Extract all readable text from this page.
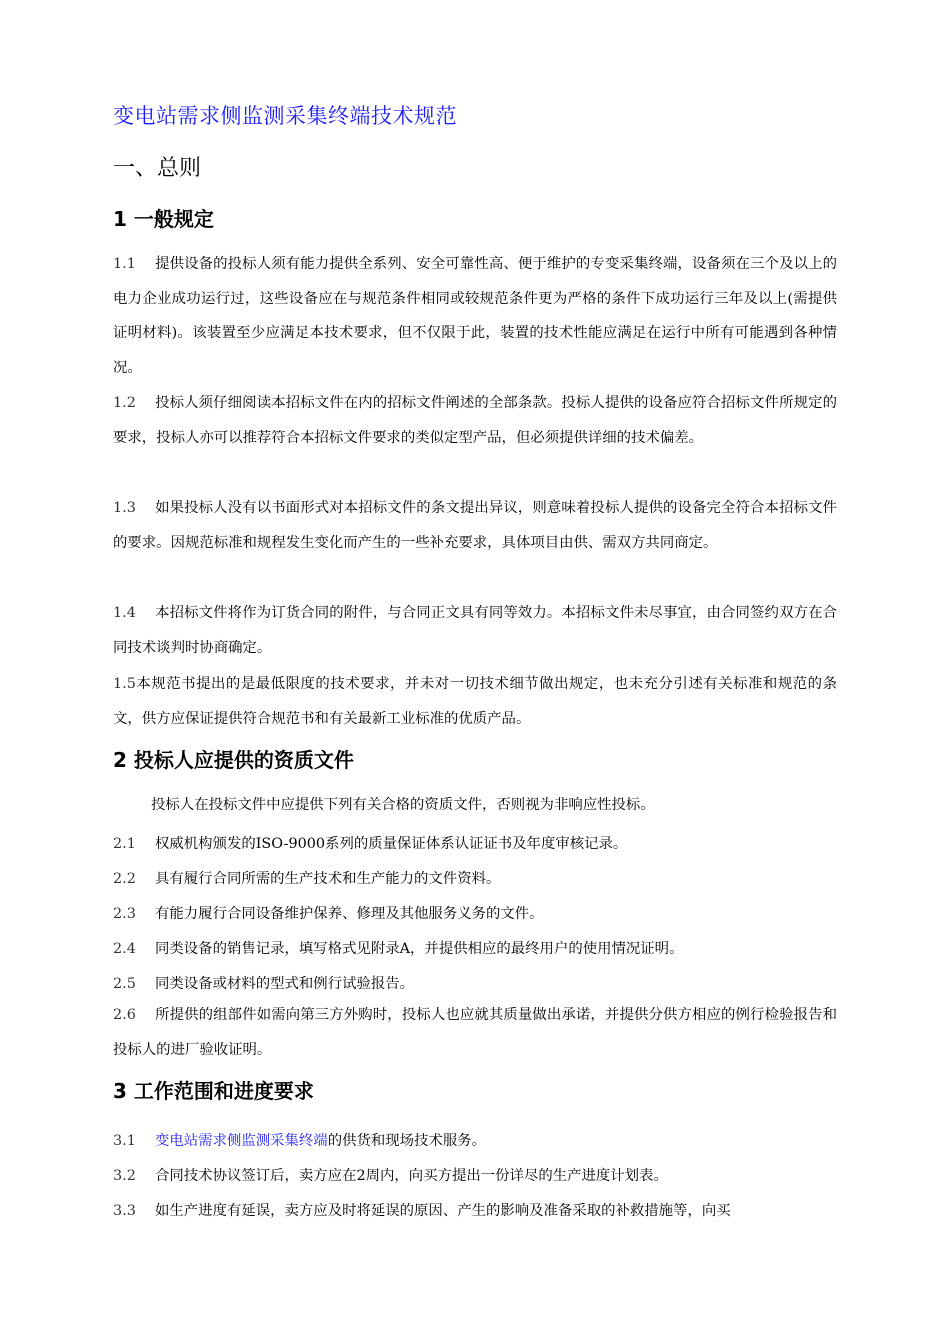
变电站需求侧监测采集终端技术规范
一、总则
1 一般规定
1.1 提供设备的投标人须有能力提供全系列、安全可靠性高、便于维护的专变采集终端，设备须在三个及以上的电力企业成功运行过，这些设备应在与规范条件相同或较规范条件更为严格的条件下成功运行三年及以上(需提供证明材料)。该装置至少应满足本技术要求，但不仅限于此，装置的技术性能应满足在运行中所有可能遇到各种情况。
1.2 投标人须仔细阅读本招标文件在内的招标文件阐述的全部条款。投标人提供的设备应符合招标文件所规定的要求，投标人亦可以推荐符合本招标文件要求的类似定型产品，但必须提供详细的技术偏差。
1.3 如果投标人没有以书面形式对本招标文件的条文提出异议，则意味着投标人提供的设备完全符合本招标文件的要求。因规范标准和规程发生变化而产生的一些补充要求，具体项目由供、需双方共同商定。
1.4 本招标文件将作为订货合同的附件，与合同正文具有同等效力。本招标文件未尽事宜，由合同签约双方在合同技术谈判时协商确定。
1.5本规范书提出的是最低限度的技术要求，并未对一切技术细节做出规定，也未充分引述有关标准和规范的条文，供方应保证提供符合规范书和有关最新工业标准的优质产品。
2 投标人应提供的资质文件
投标人在投标文件中应提供下列有关合格的资质文件，否则视为非响应性投标。
2.1 权威机构颁发的ISO-9000系列的质量保证体系认证证书及年度审核记录。
2.2 具有履行合同所需的生产技术和生产能力的文件资料。
2.3 有能力履行合同设备维护保养、修理及其他服务义务的文件。
2.4 同类设备的销售记录，填写格式见附录A，并提供相应的最终用户的使用情况证明。
2.5 同类设备或材料的型式和例行试验报告。
2.6 所提供的组部件如需向第三方外购时，投标人也应就其质量做出承诺，并提供分供方相应的例行检验报告和投标人的进厂验收证明。
3 工作范围和进度要求
3.1 变电站需求侧监测采集终端的供货和现场技术服务。
3.2 合同技术协议签订后，卖方应在2周内，向买方提出一份详尽的生产进度计划表。
3.3 如生产进度有延误，卖方应及时将延误的原因、产生的影响及准备采取的补救措施等，向买
